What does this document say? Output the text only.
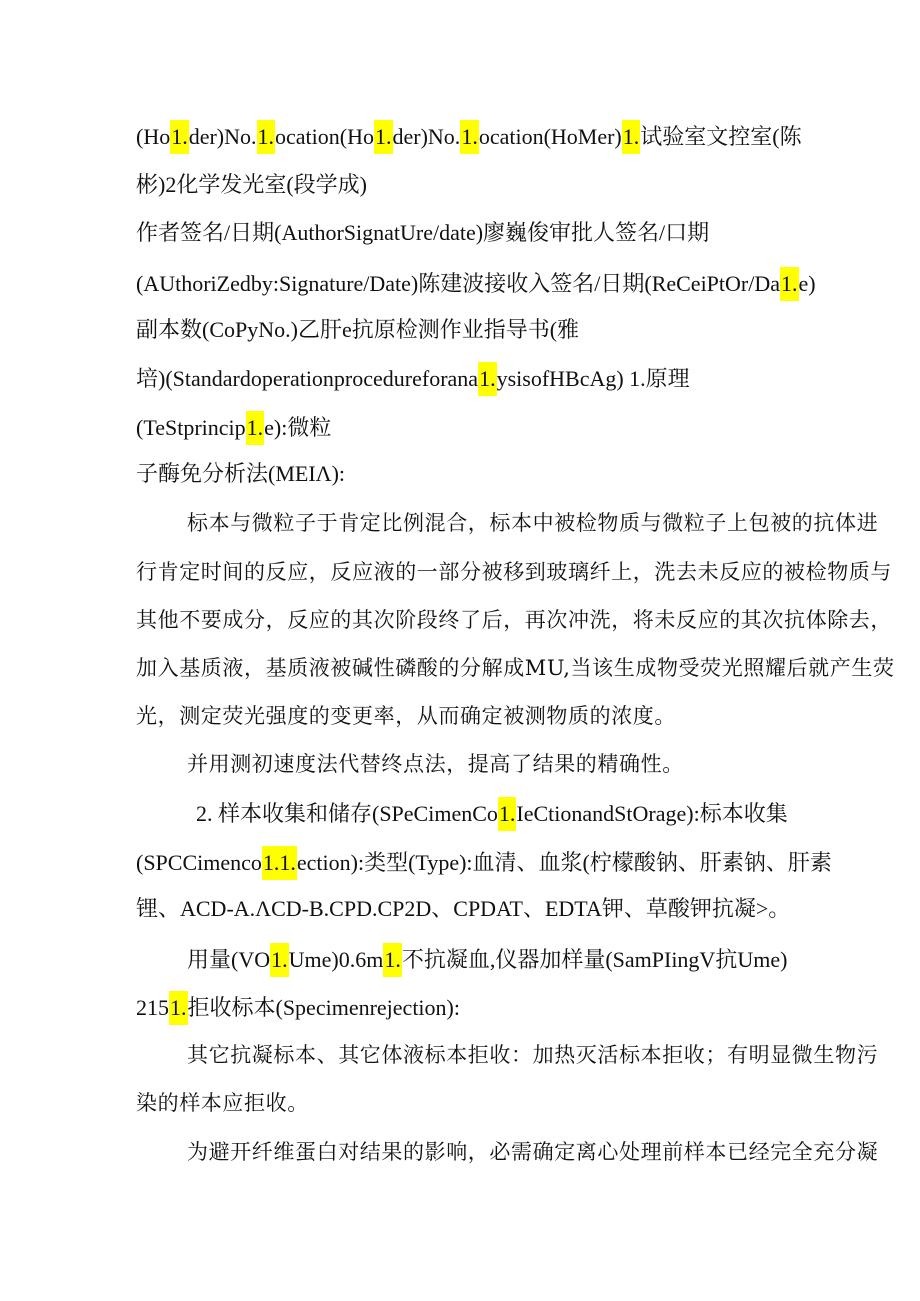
(Ho1.der)No.1.ocation(Ho1.der)No.1.ocation(HoMer)1.试验室文控室(陈
彬)2化学发光室(段学成)
作者签名/日期(AuthorSignatUre/date)廖巍俊审批人签名/口期
(AUthoriZedby:Signature/Date)陈建波接收入签名/日期(ReCeiPtOr/Da1.e)
副本数(CoPyNo.)乙肝e抗原检测作业指导书(雅
培)(Standardoperationprocedureforana1.ysisofHBcAg) 1.原理
(TeStprincip1.e):微粒
子酶免分析法(MEIΛ):
标本与微粒子于肯定比例混合，标本中被检物质与微粒子上包被的抗体进
行肯定时间的反应，反应液的一部分被移到玻璃纤上，洗去未反应的被检物质与
其他不要成分，反应的其次阶段终了后，再次冲洗，将未反应的其次抗体除去，
加入基质液，基质液被碱性磷酸的分解成MU,当该生成物受荧光照耀后就产生荧
光，测定荧光强度的变更率，从而确定被测物质的浓度。
并用测初速度法代替终点法，提高了结果的精确性。
2. 样本收集和储存(SPeCimenCo1.IeCtionandStOrage):标本收集
(SPCCimenco1.1.ection):类型(Type):血清、血浆(柠檬酸钠、肝素钠、肝素
锂、ACD-A.ΛCD-B.CPD.CP2D、CPDAT、EDTA钾、草酸钾抗凝>。
用量(VO1.Ume)0.6m1.不抗凝血,仪器加样量(SamPIingV抗Ume)
2151.拒收标本(Specimenrejection):
其它抗凝标本、其它体液标本拒收：加热灭活标本拒收；有明显微生物污
染的样本应拒收。
为避开纤维蛋白对结果的影响，必需确定离心处理前样本已经完全充分凝
